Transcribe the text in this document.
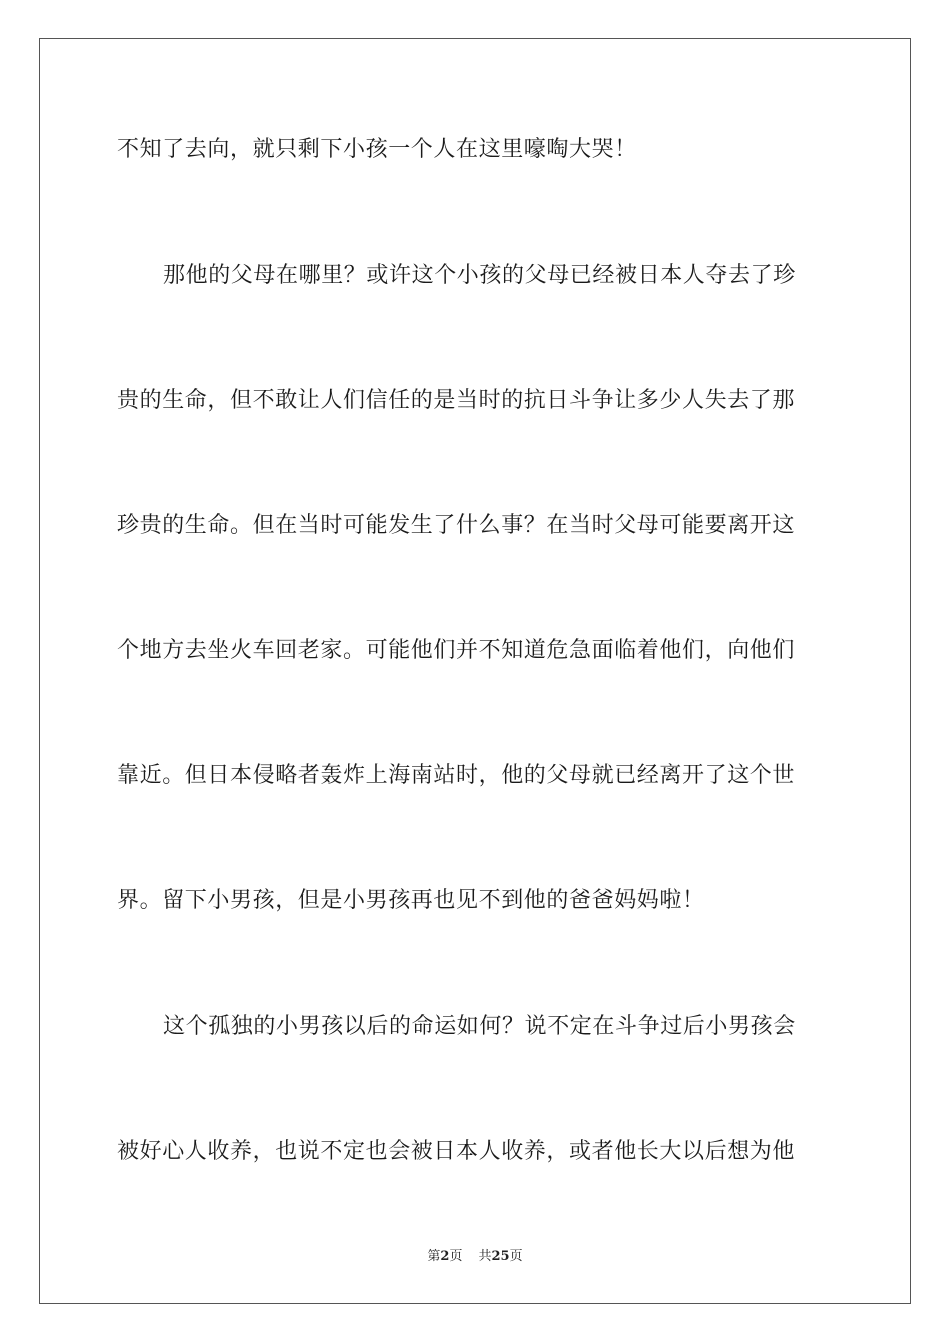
不知了去向，就只剩下小孩一个人在这里嚎啕大哭！
那他的父母在哪里？或许这个小孩的父母已经被日本人夺去了珍
贵的生命，但不敢让人们信任的是当时的抗日斗争让多少人失去了那
珍贵的生命。但在当时可能发生了什么事？在当时父母可能要离开这
个地方去坐火车回老家。可能他们并不知道危急面临着他们，向他们
靠近。但日本侵略者轰炸上海南站时，他的父母就已经离开了这个世
界。留下小男孩，但是小男孩再也见不到他的爸爸妈妈啦！
这个孤独的小男孩以后的命运如何？说不定在斗争过后小男孩会
被好心人收养，也说不定也会被日本人收养，或者他长大以后想为他
第2页 共25页
